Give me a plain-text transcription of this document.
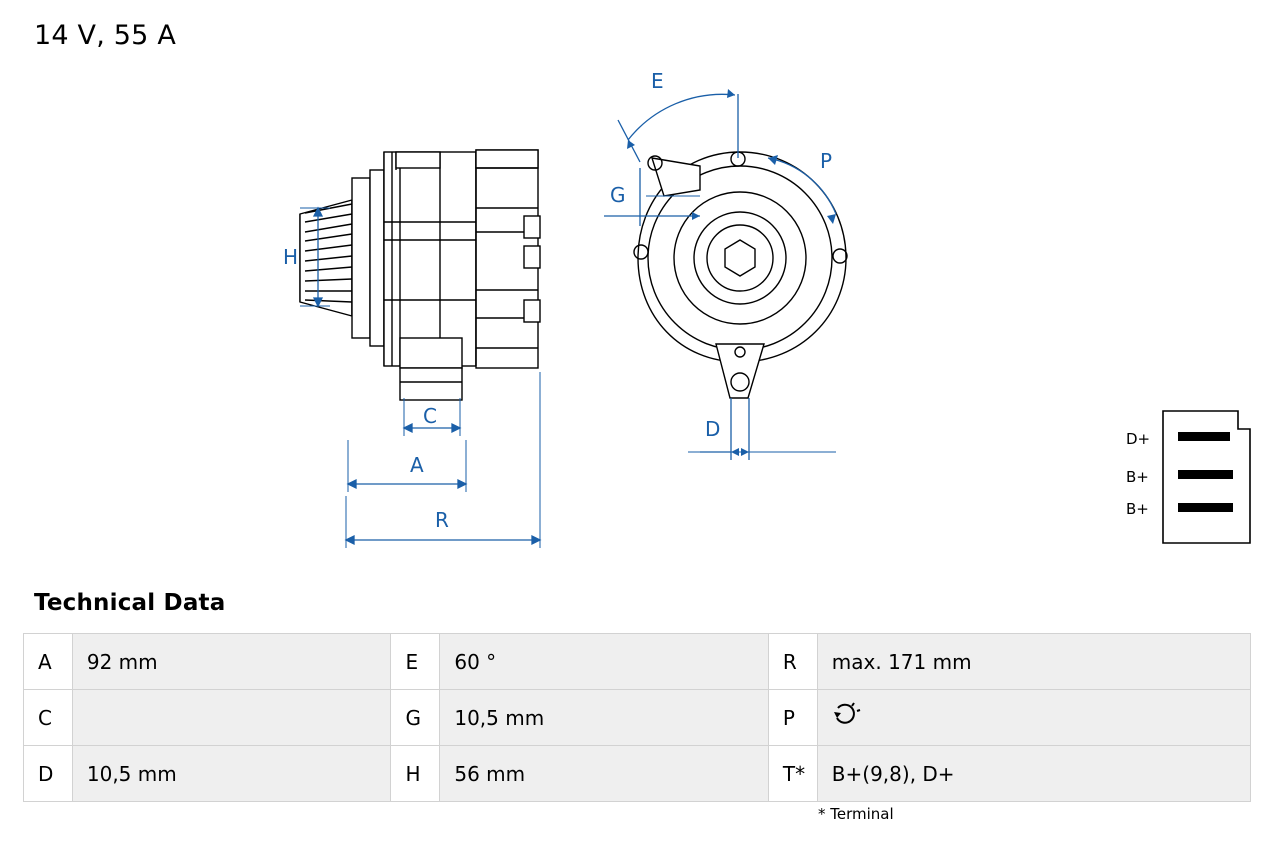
14 V, 55 A
H
C
A
R
E
G
P
D	D+
B+
B+
Technical Data
A	92 mm	E	60 °	R	max. 171 mm
C		G	10,5 mm	P	
D	10,5 mm	H	56 mm	T*	B+(9,8), D+
* Terminal
